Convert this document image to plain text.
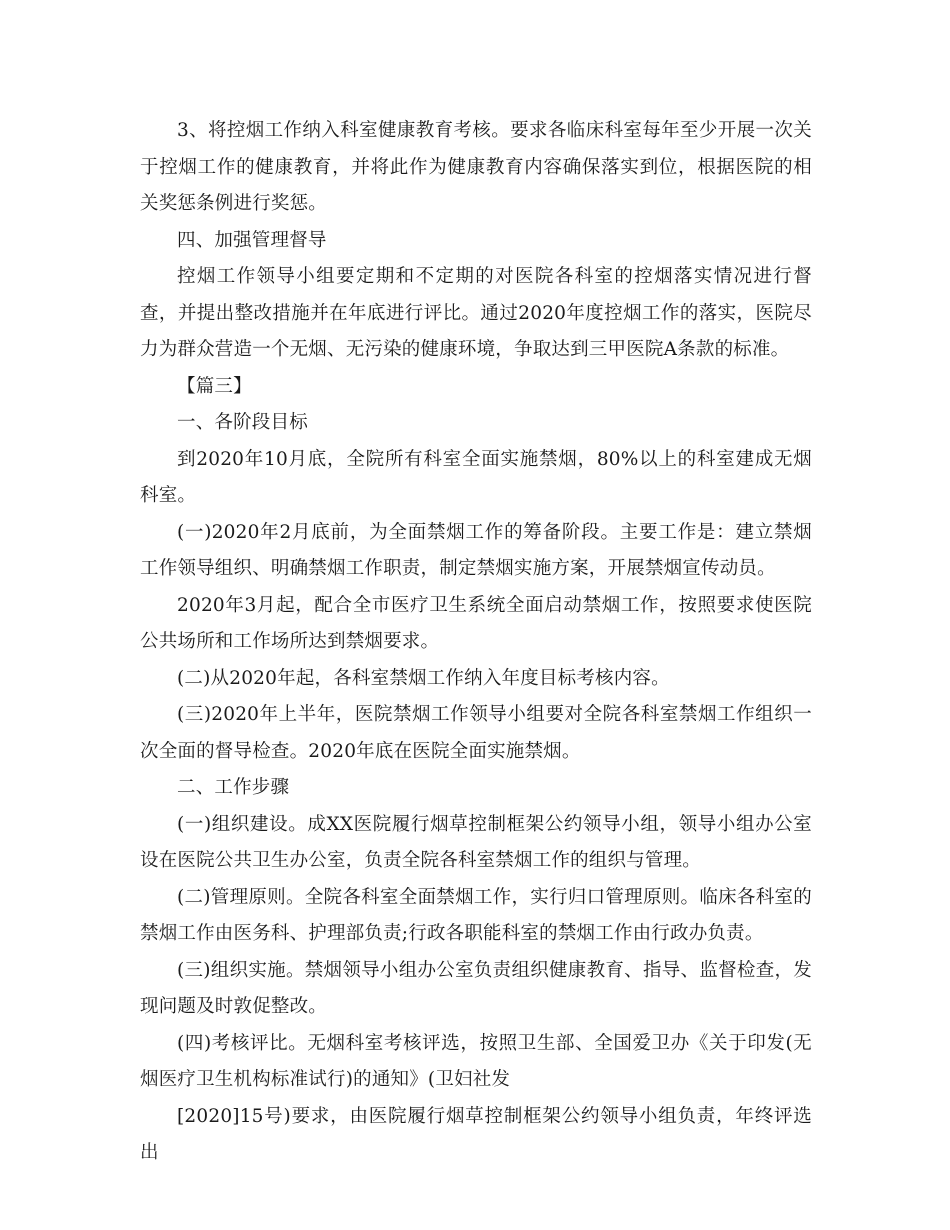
3、将控烟工作纳入科室健康教育考核。要求各临床科室每年至少开展一次关于控烟工作的健康教育，并将此作为健康教育内容确保落实到位，根据医院的相关奖惩条例进行奖惩。
四、加强管理督导
控烟工作领导小组要定期和不定期的对医院各科室的控烟落实情况进行督查，并提出整改措施并在年底进行评比。通过2020年度控烟工作的落实，医院尽力为群众营造一个无烟、无污染的健康环境，争取达到三甲医院A条款的标准。
【篇三】
一、各阶段目标
到2020年10月底，全院所有科室全面实施禁烟，80%以上的科室建成无烟科室。
(一)2020年2月底前，为全面禁烟工作的筹备阶段。主要工作是：建立禁烟工作领导组织、明确禁烟工作职责，制定禁烟实施方案，开展禁烟宣传动员。
2020年3月起，配合全市医疗卫生系统全面启动禁烟工作，按照要求使医院公共场所和工作场所达到禁烟要求。
(二)从2020年起，各科室禁烟工作纳入年度目标考核内容。
(三)2020年上半年，医院禁烟工作领导小组要对全院各科室禁烟工作组织一次全面的督导检查。2020年底在医院全面实施禁烟。
二、工作步骤
(一)组织建设。成XX医院履行烟草控制框架公约领导小组，领导小组办公室设在医院公共卫生办公室，负责全院各科室禁烟工作的组织与管理。
(二)管理原则。全院各科室全面禁烟工作，实行归口管理原则。临床各科室的禁烟工作由医务科、护理部负责;行政各职能科室的禁烟工作由行政办负责。
(三)组织实施。禁烟领导小组办公室负责组织健康教育、指导、监督检查，发现问题及时敦促整改。
(四)考核评比。无烟科室考核评选，按照卫生部、全国爱卫办《关于印发(无烟医疗卫生机构标准试行)的通知》(卫妇社发
[2020]15号)要求，由医院履行烟草控制框架公约领导小组负责，年终评选出
